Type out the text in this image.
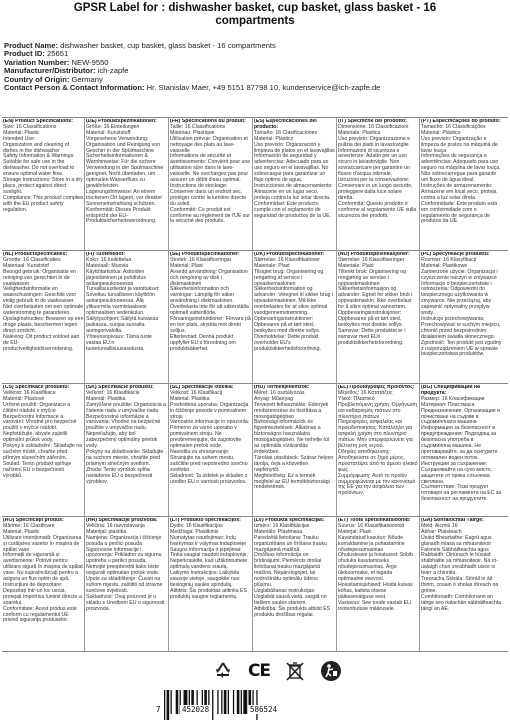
GPSR Label for : dishwasher basket, cup basket, glass basket - 16
compartments
Product Name: dishwasher basket, cup basket, glass basket - 16 compartments
Product ID: 25651
Variation Number: NEW-9550
Manufacturer/Distributor: ich-zapfe
Country of Origin: Germany
Contact Person & Contact Information: Hr. Stanislav Maer, +49 5151 87798 10, kundenservice@ich-zapfe.de
(EN) Product Specifications:
Size: 16 Classifications
Material: Plastic
Intended Use:
Organization and cleaning of dishes in the dishwasher
Safety Information & Warnings: Suitable for safe use in the dishwasher. Do not overload to ensure optimal water flow.
Storage Instructions: Store in a dry place, protect against direct sunlight.
Compliance: This product complies with the EU product safety regulation.
(DE) Produktspezifikationen:
Größe: 16 Einteilungen
Material: Kunststoff
Vorgesehene Verwendung: Organisation und Reinigung von Geschirr in der Spülmaschine
Sicherheitsinformationen & Warnhinweise: Für die sichere Verwendung in der Spülmaschine geeignet. Nicht überladen, um optimalen Wasserfluss zu gewährleisten.
Lagerungshinweise: An einem trockenen Ort lagern, vor direkter Sonneneinstrahlung schützen.
Konformität: Dieses Produkt entspricht der EU-Produktsicherheitsverordnung.
(FR) Spécifications du produit:
Taille: 16 Classifications
Matériau: Plastique
Utilisation prévue: Organisation et nettoyage des plats au lave-vaisselle
Informations de sécurité et avertissements: Convient pour une utilisation sûre dans le lave-vaisselle. Ne surchargez pas pour assurer un débit d'eau optimal.
Instructions de stockage: Conserver dans un endroit sec, protéger contre la lumière directe du soleil.
Conformité: Ce produit est conforme au règlement de l'UE sur la sécurité des produits.
(ES) Especificaciones del producto:
Tamaño: 16 Clasificaciones
Material: Plástico
Uso previsto: Organización y limpieza de platos en el lavavajillas
Información de seguridad y advertencias: Adecuado para un uso seguro en el lavavajillas. No sobrecargar para garantizar un flujo óptimo de agua.
Instrucciones de almacenamiento: Almacene en un lugar seco, proteja contra la luz solar directa.
Conformidad: Este producto cumple con el reglamento de seguridad de productos de la UE.
(IT) Specifiche del prodotto:
Dimensione: 16 Classificazioni
Materiale: Plastica
Uso previsto: Organizzazione e pulizia dei piatti in lavastoviglie
Informazioni di sicurezza e avvertenze: Adatto per un uso sicuro in lavastoviglie. Non sovraccaricare per garantire un flusso d'acqua ottimale.
Istruzioni per la conservazione: Conservare in un luogo asciutto, proteggere dalla luce solare diretta.
Conformità: Questo prodotto è conforme al regolamento UE sulla sicurezza dei prodotti.
(PT) Especificações do produto:
Tamanho: 16 Classificações
Material: Plástico
Uso previsto: Organização e limpeza de pratos na máquina de lavar louça
Informações de segurança e advertências: Adequado para uso seguro na máquina de lavar louça. Não sobrecarregue para garantir um fluxo de água ideal.
Instruções de armazenamento: Armazene em local seco, proteja contra a luz solar direta.
Conformidade: Este produto está em conformidade com o regulamento de segurança de produtos da UE.
(NL) Productspecificaties:
Grootte: 16 Classificaties
Materiaal: Kunststof
Beoogd gebruik: Organisatie en reiniging van gerechten in de vaatwasser
Veiligheidsinformatie en waarschuwingen: Geschikt voor veilig gebruik in de vaatwasser. Niet overbelasten om een optimale waterstroming te garanderen.
Opslaginstructies: Bewaren op een droge plaats, beschermen tegen direct zonlicht.
Naleving: Dit product voldoet aan de EU-productveiligheidsverordening.
(FI) Tuotetiedot:
Koko: 16 luokittelua
Materiaali: Muovia
Käyttötarkoitus: Astioiden järjestäminen ja puhdistus astianpesukoneessa
Turvallisuustiedot ja varoitukset: Soveltuu turvalliseen käyttöön astianpesukoneessa. Älä ylikuormita varmistaaksesi optimaalisen vedenkulun.
Säilytysohjeet: Säilytä kuivassa paikassa, suojaa suoralta auringonvalolta.
Yhteensopivuus: Tämä tuote vastaa EU:n tuoteturvallisuusasetusta.
(SE) Produktspecifikationer:
Storlek: 16 Klassificeringar
Material: Plast
Avsedd användning: Organisation och rengöring av disk i diskmaskinen
Säkerhetsinformation och varningar: Lämplig för säker användning i diskmaskinen. Överbelasta inte för att säkerställa optimalt vattenflöde.
Förvaringsinstruktioner: Förvara på en torr plats, skydda mot direkt solljus.
Efterlevnad: Denna produkt uppfyller EU:s förordning om produktsäkerhet.
(DK) Produktspecifikationer:
Størrelse: 16 Klassifikationer
Materiale: Plast
Tilsigtet brug: Organisering og rengøring af service i opvaskemaskinen
Sikkerhedsinformation og advarsler: Velegnet til sikker brug i opvaskemaskinen. Må ikke overbelastes for at sikre optimal vandgennemstrømning.
Opbevaringsinstruktioner: Opbevares på et tørt sted, beskyttes mod direkte sollys.
Overholdelse: Dette produkt overholder EU's produktsikkerhedsforordning.
(NO) Produktspesifikasjoner:
Størrelse: 16 Klassifiseringer
Materiale: Plast
Tiltenkt bruk: Organisering og rengjøring av servise i oppvaskmaskinen
Sikkerhetsinformasjon og advarsler: Egnet for sikker bruk i oppvaskmaskin. Ikke overbelast for å sikre optimal vannstrøm.
Oppbevaringsinstruksjoner: Oppbevares på et tørt sted, beskyttes mot direkte sollys.
Samsvar: Dette produktet er i samsvar med EUs produktsikkerhetsforordning.
(PL) Specyfikacje produktu:
Rozmiar: 16 Klasyfikacji
Materiał: Plastikowe
Zamierzone użycie: Organizacja i czyszczenie naczyń w zmywarce
Informacje o bezpieczeństwie i ostrzeżenia: Odpowiedni do bezpiecznego użytkowania w zmywarce. Nie przeciążaj, aby zapewnić optymalny przepływ wody.
Instrukcje przechowywania: Przechowywać w suchym miejscu, chronić przed bezpośrednim działaniem światła słonecznego.
Zgodność: Ten produkt jest zgodny z rozporządzeniem UE w sprawie bezpieczeństwa produktów.
(CS) Specifikace produktu:
Velikost: 16 Klasifikace
Materiál: Plastové
Určené použití: Organizace a čištění nádobí v myčce
Bezpečnostní informace a varování: Vhodné pro bezpečné použití v myčce nádobí. Nepřetěžujte, abyste zajistili optimální průtok vody.
Pokyny k uskladnění: Skladujte na suchém místě, chraňte před přímým slunečním zářením.
Soulad: Tento produkt splňuje nařízení EU o bezpečnosti výrobků.
(SK) Špecifikácie produktu:
Veľkosť: 16 Klasifikácie
Materiál: Plastika
Zamýšľané použitie: Organizácia a čistenie riadu v umývačke riadu
Bezpečnostné informácie a varovania: Vhodné na bezpečné použitie v umývačke riadu. Nepreťažujte, aby bol zabezpečený optimálny prietok vody.
Pokyny na skladovanie: Skladujte na suchom mieste, chráňte pred priamym slnečným svetlom.
Zhoda: Tento výrobok spĺňa nariadenie EÚ o bezpečnosti výrobkov.
(SL) Specifikacije izdelka:
Velikost: 16 Klasifikacij
Material: Plastika
Predvidena uporaba: Organizacija in čiščenje posode v pomivalnem stroju
Varnostne informacije in opozorila: Primerno za varno uporabo v pomivalnem stroju. Ne preobremenjujte, da zagotovite optimalen pretok vode.
Navodila za shranjevanje: Shranjujte na suhem mestu, zaščitite pred neposredno sončno svetlobo.
Skladnost: Ta izdelek je skladen z uredbo EU o varnosti proizvodov.
(HU) Termékjellemzők:
Méret: 16 osztályozás
Anyag: Műanyag
Tervezett felhasználás: Edények rendszerezése és tisztítása a mosogatógépben
Biztonsági információk és figyelmeztetések: Alkalmas a biztonságos használatra mosogatógépben. Ne terhelje túl az optimális vízáramlás érdekében.
Tárolási utasítások: Száraz helyen tárolja, óvja a közvetlen napfénytől.
Megfelelőség: Ez a termék megfelel az EU termékbiztonsági rendeletének.
(EL) Προδιαγραφές προϊόντος:
Μέγεθος: 16 Κατατάξεις
Υλικό: Πλαστικό
Προβλεπόμενη χρήση: Οργάνωση και καθαρισμός πιάτων στο πλυντήριο πιάτων
Πληροφορίες ασφαλείας και προειδοποιήσεις: Κατάλληλο για ασφαλή χρήση στο πλυντήριο πιάτων. Μην υπερφορτώνετε για βέλτιστη ροή νερού.
Οδηγίες αποθήκευσης: Αποθηκεύστε σε ξηρό μέρος, προστατέψτε από το άμεσο ηλιακό φως.
Συμμόρφωση: Αυτό το προϊόν συμμορφώνεται με τον κανονισμό της ΕΕ για την ασφάλεια των προϊόντων.
(BG) Спецификации на продукта:
Размер: 16 Класификации
Материал: Пластмаса
Предназначение: Организация и почистване на съдове в съдомиялната машина
Информация за безопасност и предупреждения: Подходящ за безопасна употреба в съдомиялна машина. Не претоварвайте, за да осигурите оптимален воден поток.
Инструкции за съхранение: Съхранявайте на сухо място, защитете от пряка слънчева светлина.
Съответствие: Този продукт отговаря на регламента на ЕС за безопасност на продуктите.
(RO) Specificații produs:
Mărime: 16 Clasificare
Material: Plastic
Utilizare intenționată: Organizarea și curățarea vaselor în mașina de spălat vase
Informații de siguranță și avertismente: Potrivit pentru utilizare sigură în mașina de spălat vase. Nu supraîncărcați pentru a asigura un flux optim de apă.
Instrucțiuni de depozitare: Depozitați într-un loc uscat, protejați împotriva luminii directe a soarelui.
Conformitate: Acest produs este conform cu regulamentul UE privind siguranța produselor.
(HR) Specifikacije proizvoda:
Veličina: 16 razvrstavanja
Materijal: plastika
Namjena: Organizacija i čišćenje posuđa u perilici posuđa
Sigurnosne informacije i upozorenja: Prikladno za sigurnu upotrebu u perilici posuđa. Nemojte preopteretiti kako biste osigurali optimalan protok vode.
Upute za skladištenje: Čuvati na suhom mjestu, zaštititi od izravne sunčeve svjetlosti.
Sukladnost: Ovaj proizvod je u skladu s Uredbom EU o sigurnosti proizvoda.
(LT) Produkto specifikacijos:
Dydis: 16 Klasifikacijos
Medžiaga: Plastikinis
Numatytas naudojimas: Indų tvarkymas ir valymas indaplovėje
Saugos informacija ir įspėjimai: Tinka saugiai naudoti indaplovėje. Neperkraukite, kad užtikrintumėte optimalų vandens srautą.
Laikymo instrukcijos: Laikykite sausoje vietoje, saugokite nuo tiesioginių saulės spindulių.
Atitiktis: Šis produktas atitinka ES produktų saugos reglamentą.
(LV) Produkta specifikācijas:
Izmērs: 16 Klasifikācijas
Materiāls: Plastmasa
Paredzētā lietošana: Trauku organizēšana un tīrīšana trauku mazgājamā mašīnā
Drošības informācija un brīdinājumi: Piemērots drošai lietošanai trauku mazgājamā mašīnā. Nepārslogojiet, lai nodrošinātu optimālu ūdens plūsmu.
Uzglabāšanas instrukcijas: Uzglabāt sausā vietā, sargāt no tiešiem saules stariem.
Atbilstība: Šis produkts atbilst ES produktu drošības regulai.
(ET) Toote spetsifikatsioonid:
Suurus: 16 Klassifikatsioonid
Materjal: Plast
Kavandatud kasutus: Nõude korraldamine ja puhastamine nõudepesumasinas
Ohutusteave ja hoiatused: Sobib ohutuks kasutamiseks nõudepesumasinas. Ärge ülekoormake, et tagada optimaalne veevool.
Hoiustamisjuhised: Hoida kuivas kohas, kaitsta otsese päikesevalguse eest.
Vastavus: See toode vastab ELi tooteohutuse määrusele.
(GA) Sonraíochtaí Táirge:
Méid: Aicmiú 16
Ábhar: Plaisteach
Úsáid Bheartaithe: Eagrú agus glanadh miasa sa mhiasniteoir
Faisnéis Sábháilteachta agus Rabhaidh: Oiriúnach le húsáid shábháilte sa mhiasniteoir. Ná ró-ualaigh chun sreabhadh uisce is fearr a chinntiú.
Treoracha Stórála: Stóráil in áit thirim, cosain ó sholas díreach na gréine.
Comhlíonadh: Comhlíonann an táirge seo rialachán sábháilteachta táirgí an AE.
CE
7	452028	586524
